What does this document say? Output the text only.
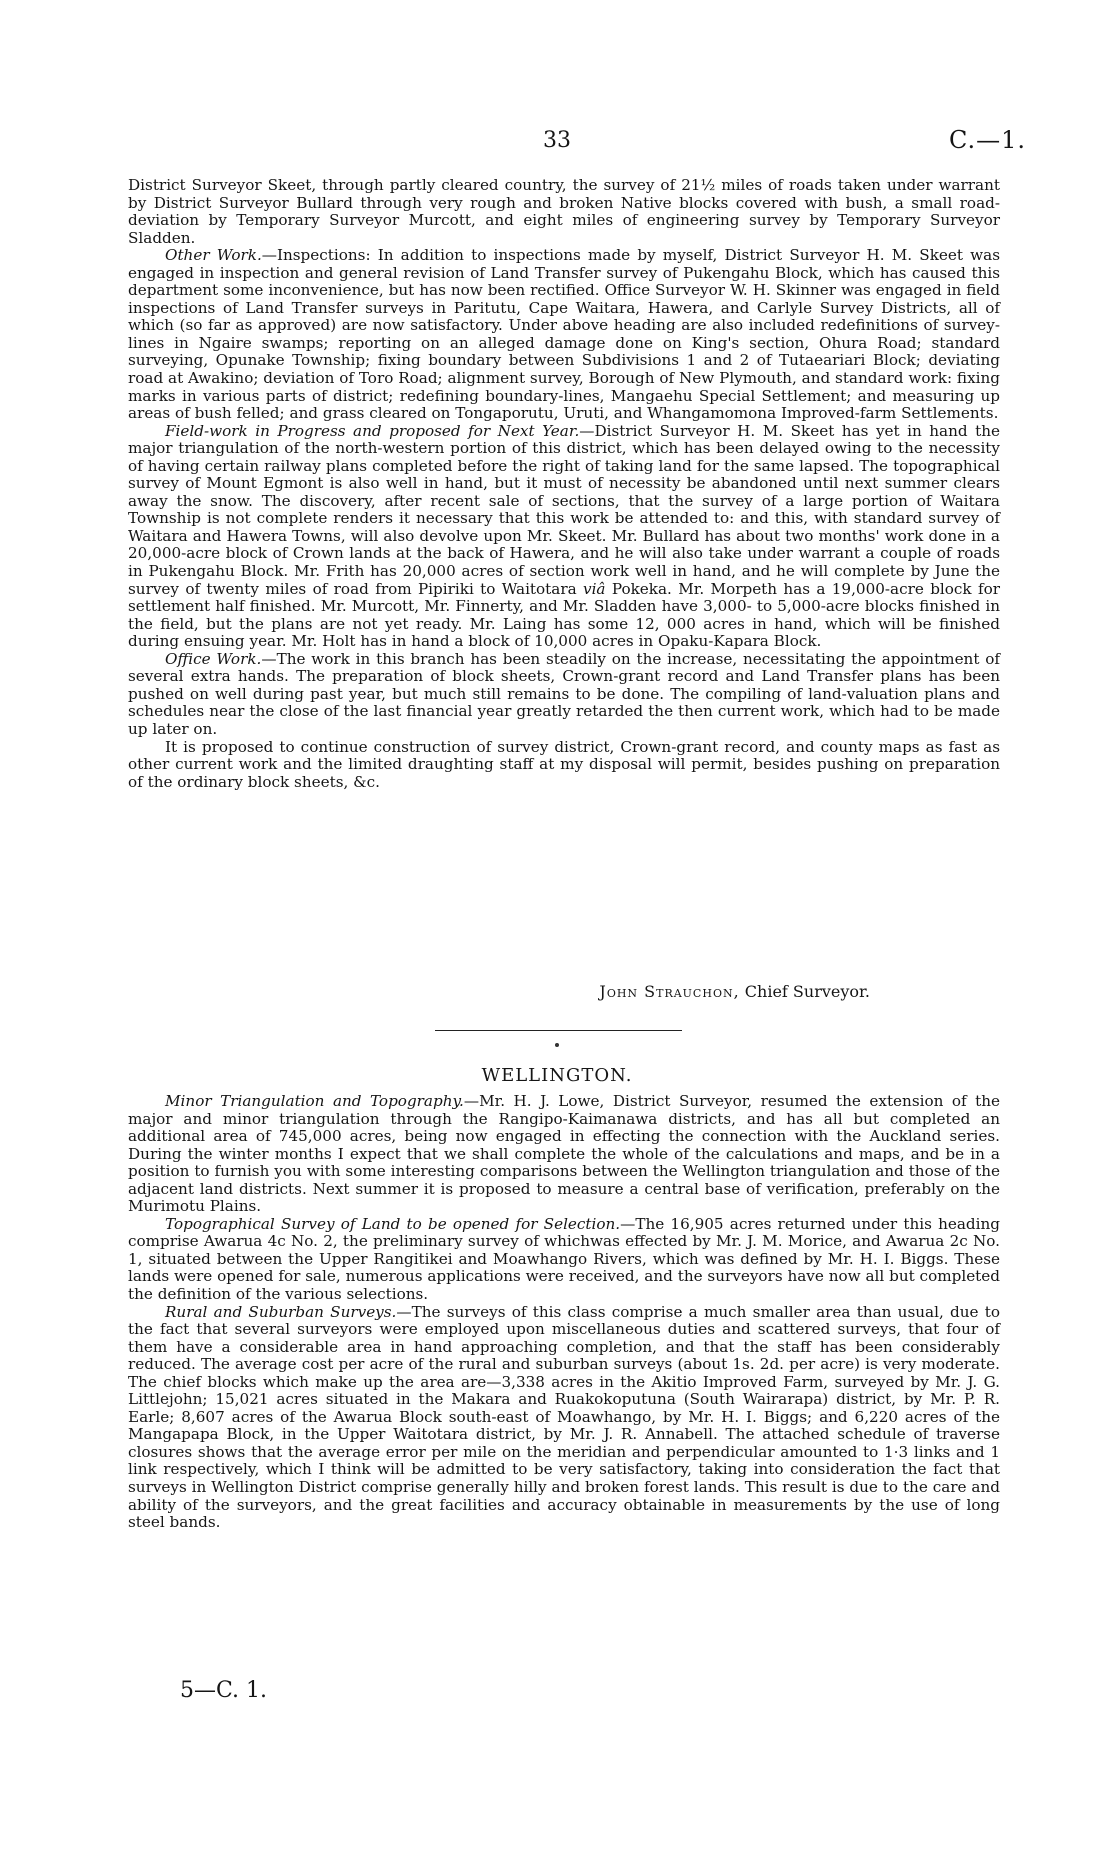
33	C.—1.

District Surveyor Skeet, through partly cleared country, the survey of 21½ miles of roads taken under warrant by District Surveyor Bullard through very rough and broken Native blocks covered with bush, a small road-deviation by Temporary Surveyor Murcott, and eight miles of engineering survey by Temporary Surveyor Sladden.

Other Work.—Inspections: In addition to inspections made by myself, District Surveyor H. M. Skeet was engaged in inspection and general revision of Land Transfer survey of Pukengahu Block, which has caused this department some inconvenience, but has now been rectified. Office Surveyor W. H. Skinner was engaged in field inspections of Land Transfer surveys in Paritutu, Cape Waitara, Hawera, and Carlyle Survey Districts, all of which (so far as approved) are now satisfactory. Under above heading are also included redefinitions of survey-lines in Ngaire swamps; reporting on an alleged damage done on King's section, Ohura Road; standard surveying, Opunake Township; fixing boundary between Subdivisions 1 and 2 of Tutaeariari Block; deviating road at Awakino; deviation of Toro Road; alignment survey, Borough of New Plymouth, and standard work: fixing marks in various parts of district; redefining boundary-lines, Mangaehu Special Settlement; and measuring up areas of bush felled; and grass cleared on Tongaporutu, Uruti, and Whangamomona Improved-farm Settlements.

Field-work in Progress and proposed for Next Year.—District Surveyor H. M. Skeet has yet in hand the major triangulation of the north-western portion of this district, which has been delayed owing to the necessity of having certain railway plans completed before the right of taking land for the same lapsed. The topographical survey of Mount Egmont is also well in hand, but it must of necessity be abandoned until next summer clears away the snow. The discovery, after recent sale of sections, that the survey of a large portion of Waitara Township is not complete renders it necessary that this work be attended to: and this, with standard survey of Waitara and Hawera Towns, will also devolve upon Mr. Skeet. Mr. Bullard has about two months' work done in a 20,000-acre block of Crown lands at the back of Hawera, and he will also take under warrant a couple of roads in Pukengahu Block. Mr. Frith has 20,000 acres of section work well in hand, and he will complete by June the survey of twenty miles of road from Pipiriki to Waitotara viâ Pokeka. Mr. Morpeth has a 19,000-acre block for settlement half finished. Mr. Murcott, Mr. Finnerty, and Mr. Sladden have 3,000- to 5,000-acre blocks finished in the field, but the plans are not yet ready. Mr. Laing has some 12, 000 acres in hand, which will be finished during ensuing year. Mr. Holt has in hand a block of 10,000 acres in Opaku-Kapara Block.

Office Work.—The work in this branch has been steadily on the increase, necessitating the appointment of several extra hands. The preparation of block sheets, Crown-grant record and Land Transfer plans has been pushed on well during past year, but much still remains to be done. The compiling of land-valuation plans and schedules near the close of the last financial year greatly retarded the then current work, which had to be made up later on.

It is proposed to continue construction of survey district, Crown-grant record, and county maps as fast as other current work and the limited draughting staff at my disposal will permit, besides pushing on preparation of the ordinary block sheets, &c.

John Strauchon, Chief Surveyor.
WELLINGTON.

Minor Triangulation and Topography.—Mr. H. J. Lowe, District Surveyor, resumed the extension of the major and minor triangulation through the Rangipo-Kaimanawa districts, and has all but completed an additional area of 745,000 acres, being now engaged in effecting the connection with the Auckland series. During the winter months I expect that we shall complete the whole of the calculations and maps, and be in a position to furnish you with some interesting comparisons between the Wellington triangulation and those of the adjacent land districts. Next summer it is proposed to measure a central base of verification, preferably on the Murimotu Plains.

Topographical Survey of Land to be opened for Selection.—The 16,905 acres returned under this heading comprise Awarua 4c No. 2, the preliminary survey of whichwas effected by Mr. J. M. Morice, and Awarua 2c No. 1, situated between the Upper Rangitikei and Moawhango Rivers, which was defined by Mr. H. I. Biggs. These lands were opened for sale, numerous applications were received, and the surveyors have now all but completed the definition of the various selections.

Rural and Suburban Surveys.—The surveys of this class comprise a much smaller area than usual, due to the fact that several surveyors were employed upon miscellaneous duties and scattered surveys, that four of them have a considerable area in hand approaching completion, and that the staff has been considerably reduced. The average cost per acre of the rural and suburban surveys (about 1s. 2d. per acre) is very moderate. The chief blocks which make up the area are—3,338 acres in the Akitio Improved Farm, surveyed by Mr. J. G. Littlejohn; 15,021 acres situated in the Makara and Ruakokoputuna (South Wairarapa) district, by Mr. P. R. Earle; 8,607 acres of the Awarua Block south-east of Moawhango, by Mr. H. I. Biggs; and 6,220 acres of the Mangapapa Block, in the Upper Waitotara district, by Mr. J. R. Annabell. The attached schedule of traverse closures shows that the average error per mile on the meridian and perpendicular amounted to 1·3 links and 1 link respectively, which I think will be admitted to be very satisfactory, taking into consideration the fact that surveys in Wellington District comprise generally hilly and broken forest lands. This result is due to the care and ability of the surveyors, and the great facilities and accuracy obtainable in measurements by the use of long steel bands.

5—C. 1.
